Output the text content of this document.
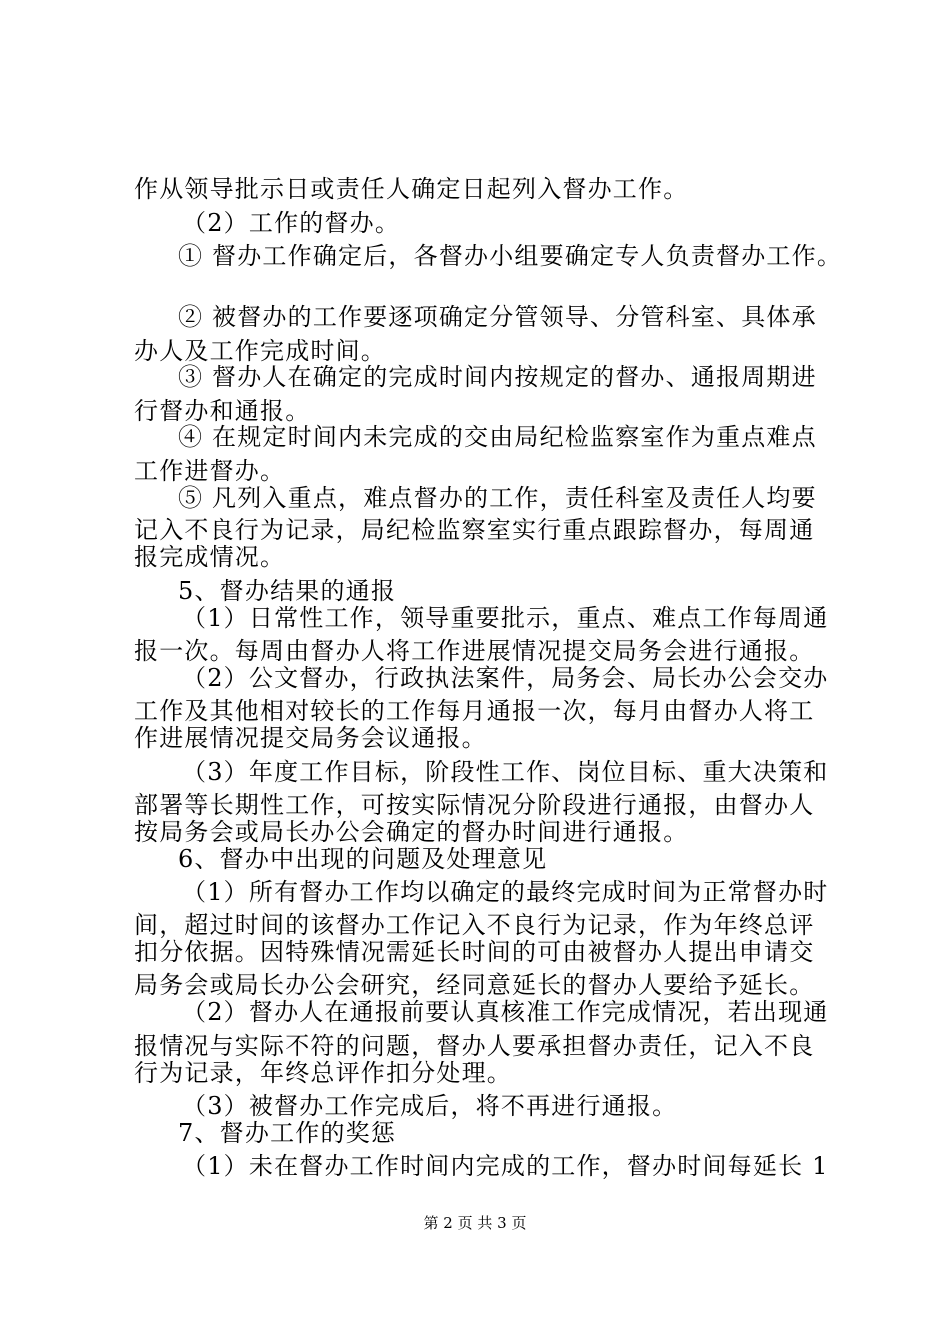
作从领导批示日或责任人确定日起列入督办工作。
（2）工作的督办。
① 督办工作确定后，各督办小组要确定专人负责督办工作。
② 被督办的工作要逐项确定分管领导、分管科室、具体承
办人及工作完成时间。
③ 督办人在确定的完成时间内按规定的督办、通报周期进
行督办和通报。
④ 在规定时间内未完成的交由局纪检监察室作为重点难点
工作进督办。
⑤ 凡列入重点，难点督办的工作，责任科室及责任人均要
记入不良行为记录，局纪检监察室实行重点跟踪督办，每周通
报完成情况。
5、督办结果的通报
（1）日常性工作，领导重要批示，重点、难点工作每周通
报一次。每周由督办人将工作进展情况提交局务会进行通报。
（2）公文督办，行政执法案件，局务会、局长办公会交办
工作及其他相对较长的工作每月通报一次，每月由督办人将工
作进展情况提交局务会议通报。
（3）年度工作目标，阶段性工作、岗位目标、重大决策和
部署等长期性工作，可按实际情况分阶段进行通报，由督办人
按局务会或局长办公会确定的督办时间进行通报。
6、督办中出现的问题及处理意见
（1）所有督办工作均以确定的最终完成时间为正常督办时
间，超过时间的该督办工作记入不良行为记录，作为年终总评
扣分依据。因特殊情况需延长时间的可由被督办人提出申请交
局务会或局长办公会研究，经同意延长的督办人要给予延长。
（2）督办人在通报前要认真核准工作完成情况，若出现通
报情况与实际不符的问题，督办人要承担督办责任，记入不良
行为记录，年终总评作扣分处理。
（3）被督办工作完成后，将不再进行通报。
7、督办工作的奖惩
（1）未在督办工作时间内完成的工作，督办时间每延长 1
第 2 页 共 3 页
